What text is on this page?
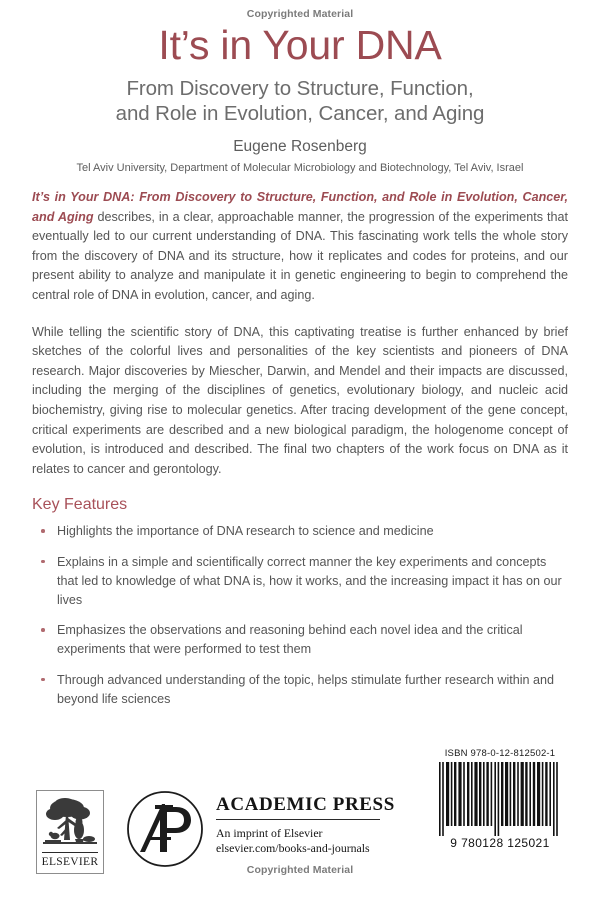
Copyrighted Material
It’s in Your DNA

From Discovery to Structure, Function,

and Role in Evolution, Cancer, and Aging

Eugene Rosenberg

Tel Aviv University, Department of Molecular Microbiology and Biotechnology, Tel Aviv, Israel

It’s in Your DNA: From Discovery to Structure, Function, and Role in Evolution, Cancer, and Aging describes, in a clear, approachable manner, the progression of the experiments that eventually led to our current understanding of DNA. This fascinating work tells the whole story from the discovery of DNA and its structure, how it replicates and codes for proteins, and our present ability to analyze and manipulate it in genetic engineering to begin to comprehend the central role of DNA in evolution, cancer, and aging.

While telling the scientific story of DNA, this captivating treatise is further enhanced by brief sketches of the colorful lives and personalities of the key scientists and pioneers of DNA research. Major discoveries by Miescher, Darwin, and Mendel and their impacts are discussed, including the merging of the disciplines of genetics, evolutionary biology, and nucleic acid biochemistry, giving rise to molecular genetics. After tracing development of the gene concept, critical experiments are described and a new biological paradigm, the hologenome concept of evolution, is introduced and described. The final two chapters of the work focus on DNA as it relates to cancer and gerontology.

Key Features
Highlights the importance of DNA research to science and medicine
Explains in a simple and scientifically correct manner the key experiments and concepts that led to knowledge of what DNA is, how it works, and the increasing impact it has on our lives
Emphasizes the observations and reasoning behind each novel idea and the critical experiments that were performed to test them
Through advanced understanding of the topic, helps stimulate further research within and beyond life sciences
ELSEVIER

ACADEMIC PRESS

An imprint of Elsevier

elsevier.com/books-and-journals

ISBN 978-0-12-812502-1

9 780128 125021

Copyrighted Material
